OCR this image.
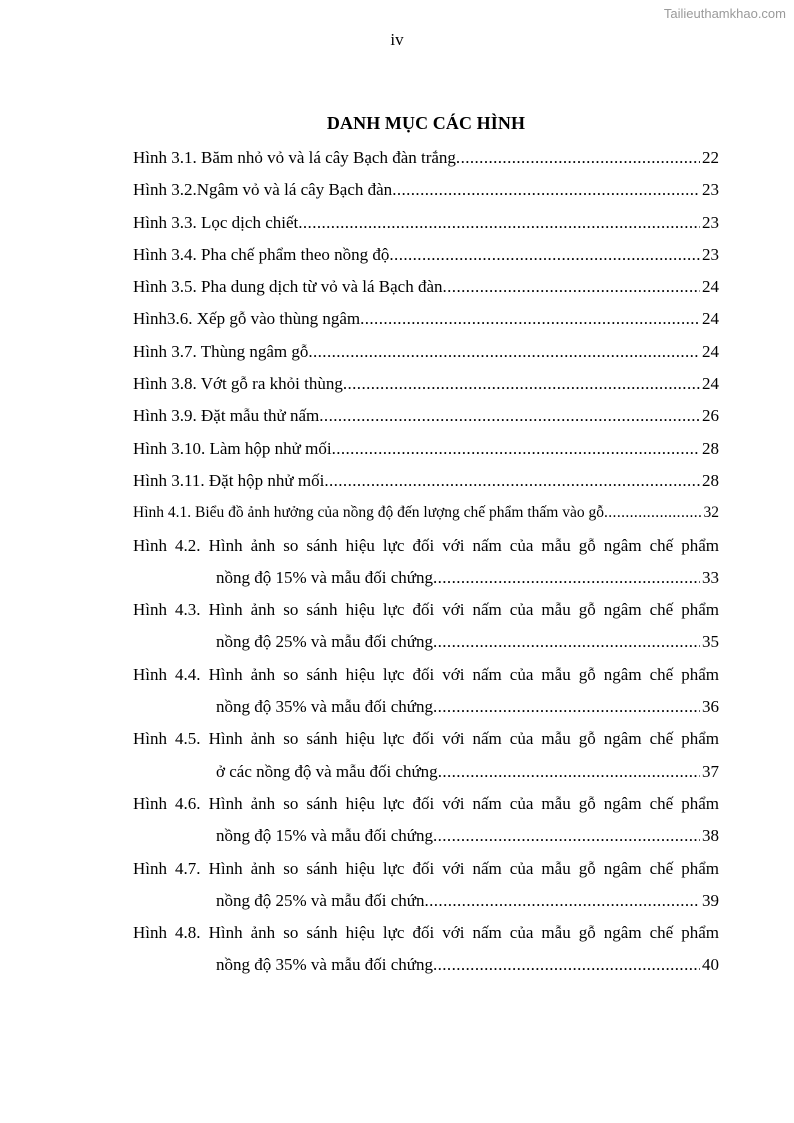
Tailieuthamkhao.com
iv
DANH MỤC CÁC HÌNH
Hình 3.1. Băm nhỏ vỏ và lá cây Bạch đàn trắng .....	22
Hình 3.2.Ngâm vỏ và lá cây Bạch đàn .....	23
Hình 3.3. Lọc dịch chiết .....	23
Hình 3.4. Pha chế phẩm theo nồng độ .....	23
Hình 3.5. Pha dung dịch từ vỏ và lá Bạch đàn .....	24
Hình3.6. Xếp gỗ vào thùng ngâm .....	24
Hình 3.7. Thùng ngâm gỗ .....	24
Hình 3.8. Vớt gỗ ra khỏi thùng .....	24
Hình 3.9. Đặt mẫu thử nấm .....	26
Hình 3.10. Làm hộp nhử mối .....	28
Hình 3.11. Đặt hộp nhử mối .....	28
Hình 4.1. Biểu đồ ảnh hưởng của nồng độ đến lượng chế phẩm thấm vào gỗ .....	32
Hình 4.2. Hình ảnh so sánh hiệu lực đối với nấm của mẫu gỗ ngâm chế phẩm
nồng độ 15% và mẫu đối chứng .....	33
Hình 4.3. Hình ảnh so sánh hiệu lực đối với nấm của mẫu gỗ ngâm chế phẩm
nồng độ 25% và mẫu đối chứng .....	35
Hình 4.4. Hình ảnh so sánh hiệu lực đối với nấm của mẫu gỗ ngâm chế phẩm
nồng độ 35% và mẫu đối chứng .....	36
Hình 4.5. Hình ảnh so sánh hiệu lực đối với nấm của mẫu gỗ ngâm chế phẩm
ở các nồng độ và mẫu đối chứng .....	37
Hình 4.6. Hình ảnh so sánh hiệu lực đối với nấm của mẫu gỗ ngâm chế phẩm
nồng độ 15% và mẫu đối chứng .....	38
Hình 4.7. Hình ảnh so sánh hiệu lực đối với nấm của mẫu gỗ ngâm chế phẩm
nồng độ 25% và mẫu đối chứn .....	39
Hình 4.8. Hình ảnh so sánh hiệu lực đối với nấm của mẫu gỗ ngâm chế phẩm
nồng độ 35% và mẫu đối chứng .....	40
